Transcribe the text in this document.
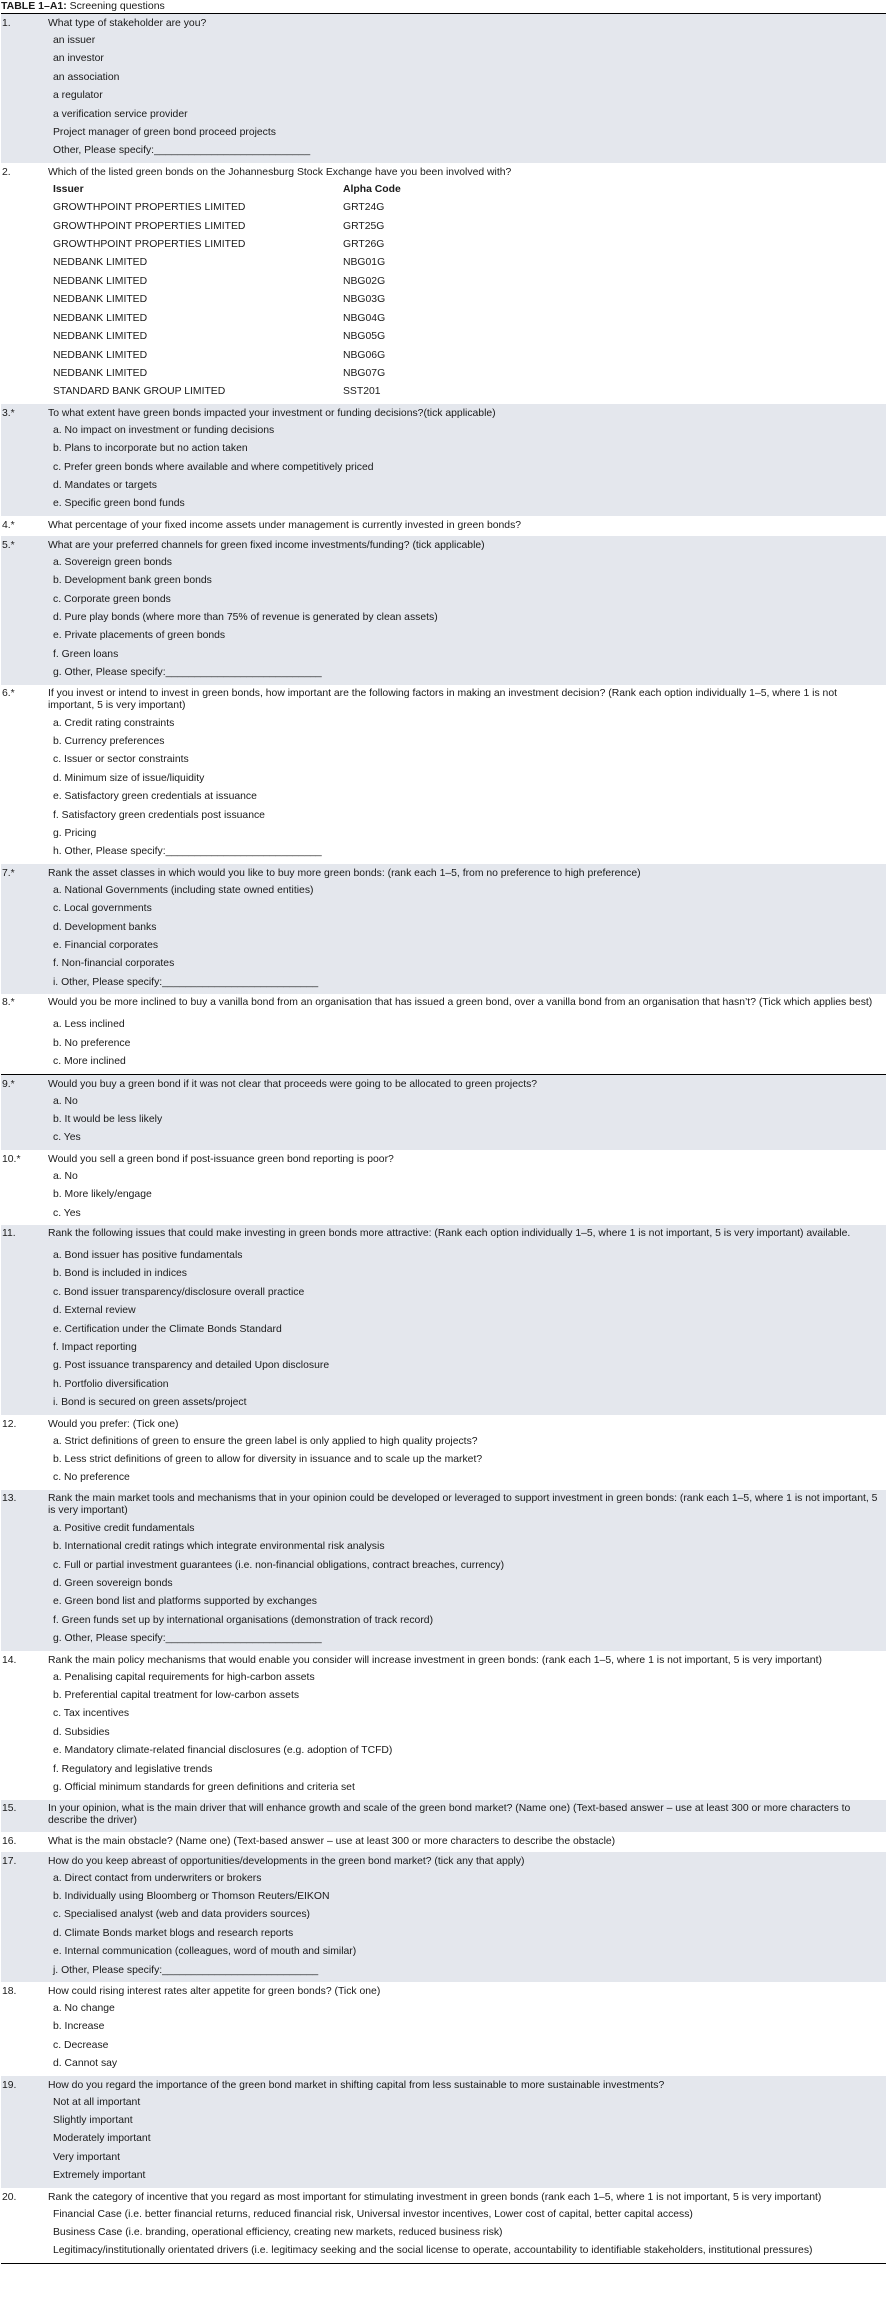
TABLE 1–A1: Screening questions
1.	What type of stakeholder are you?
an issuer
an investor
an association
a regulator
a verification service provider
Project manager of green bond proceed projects
Other, Please specify:___________________________
2.	Which of the listed green bonds on the Johannesburg Stock Exchange have you been involved with?
Issuer	Alpha Code
GROWTHPOINT PROPERTIES LIMITED	GRT24G
GROWTHPOINT PROPERTIES LIMITED	GRT25G
GROWTHPOINT PROPERTIES LIMITED	GRT26G
NEDBANK LIMITED	NBG01G
NEDBANK LIMITED	NBG02G
NEDBANK LIMITED	NBG03G
NEDBANK LIMITED	NBG04G
NEDBANK LIMITED	NBG05G
NEDBANK LIMITED	NBG06G
NEDBANK LIMITED	NBG07G
STANDARD BANK GROUP LIMITED	SST201
3.*	To what extent have green bonds impacted your investment or funding decisions?(tick applicable)
a. No impact on investment or funding decisions
b. Plans to incorporate but no action taken
c. Prefer green bonds where available and where competitively priced
d. Mandates or targets
e. Specific green bond funds
4.*	What percentage of your fixed income assets under management is currently invested in green bonds?
5.*	What are your preferred channels for green fixed income investments/funding? (tick applicable)
a. Sovereign green bonds
b. Development bank green bonds
c. Corporate green bonds
d. Pure play bonds (where more than 75% of revenue is generated by clean assets)
e. Private placements of green bonds
f. Green loans
g. Other, Please specify:___________________________
6.*	If you invest or intend to invest in green bonds, how important are the following factors in making an investment decision? (Rank each option individually 1–5, where 1 is not important, 5 is very important)
a. Credit rating constraints
b. Currency preferences
c. Issuer or sector constraints
d. Minimum size of issue/liquidity
e. Satisfactory green credentials at issuance
f. Satisfactory green credentials post issuance
g. Pricing
h. Other, Please specify:___________________________
7.*	Rank the asset classes in which would you like to buy more green bonds: (rank each 1–5, from no preference to high preference)
a. National Governments (including state owned entities)
c. Local governments
d. Development banks
e. Financial corporates
f. Non-financial corporates
i. Other, Please specify:___________________________
8.*	Would you be more inclined to buy a vanilla bond from an organisation that has issued a green bond, over a vanilla bond from an organisation that hasn’t? (Tick which applies best)
a. Less inclined
b. No preference
c. More inclined
9.*	Would you buy a green bond if it was not clear that proceeds were going to be allocated to green projects?
a. No
b. It would be less likely
c. Yes
10.*	Would you sell a green bond if post-issuance green bond reporting is poor?
a. No
b. More likely/engage
c. Yes
11.	Rank the following issues that could make investing in green bonds more attractive: (Rank each option individually 1–5, where 1 is not important, 5 is very important) available.
a. Bond issuer has positive fundamentals
b. Bond is included in indices
c. Bond issuer transparency/disclosure overall practice
d. External review
e. Certification under the Climate Bonds Standard
f. Impact reporting
g. Post issuance transparency and detailed Upon disclosure
h. Portfolio diversification
i. Bond is secured on green assets/project
12.	Would you prefer: (Tick one)
a. Strict definitions of green to ensure the green label is only applied to high quality projects?
b. Less strict definitions of green to allow for diversity in issuance and to scale up the market?
c. No preference
13.	Rank the main market tools and mechanisms that in your opinion could be developed or leveraged to support investment in green bonds: (rank each 1–5, where 1 is not important, 5 is very important)
a. Positive credit fundamentals
b. International credit ratings which integrate environmental risk analysis
c. Full or partial investment guarantees (i.e. non-financial obligations, contract breaches, currency)
d. Green sovereign bonds
e. Green bond list and platforms supported by exchanges
f. Green funds set up by international organisations (demonstration of track record)
g. Other, Please specify:___________________________
14.	Rank the main policy mechanisms that would enable you consider will increase investment in green bonds: (rank each 1–5, where 1 is not important, 5 is very important)
a. Penalising capital requirements for high-carbon assets
b. Preferential capital treatment for low-carbon assets
c. Tax incentives
d. Subsidies
e. Mandatory climate-related financial disclosures (e.g. adoption of TCFD)
f. Regulatory and legislative trends
g. Official minimum standards for green definitions and criteria set
15.	In your opinion, what is the main driver that will enhance growth and scale of the green bond market? (Name one) (Text-based answer – use at least 300 or more characters to describe the driver)
16.	What is the main obstacle? (Name one) (Text-based answer – use at least 300 or more characters to describe the obstacle)
17.	How do you keep abreast of opportunities/developments in the green bond market? (tick any that apply)
a. Direct contact from underwriters or brokers
b. Individually using Bloomberg or Thomson Reuters/EIKON
c. Specialised analyst (web and data providers sources)
d. Climate Bonds market blogs and research reports
e. Internal communication (colleagues, word of mouth and similar)
j. Other, Please specify:___________________________
18.	How could rising interest rates alter appetite for green bonds? (Tick one)
a. No change
b. Increase
c. Decrease
d. Cannot say
19.	How do you regard the importance of the green bond market in shifting capital from less sustainable to more sustainable investments?
Not at all important
Slightly important
Moderately important
Very important
Extremely important
20.	Rank the category of incentive that you regard as most important for stimulating investment in green bonds (rank each 1–5, where 1 is not important, 5 is very important)
Financial Case (i.e. better financial returns, reduced financial risk, Universal investor incentives, Lower cost of capital, better capital access)
Business Case (i.e. branding, operational efficiency, creating new markets, reduced business risk)
Legitimacy/institutionally orientated drivers (i.e. legitimacy seeking and the social license to operate, accountability to identifiable stakeholders, institutional pressures)
